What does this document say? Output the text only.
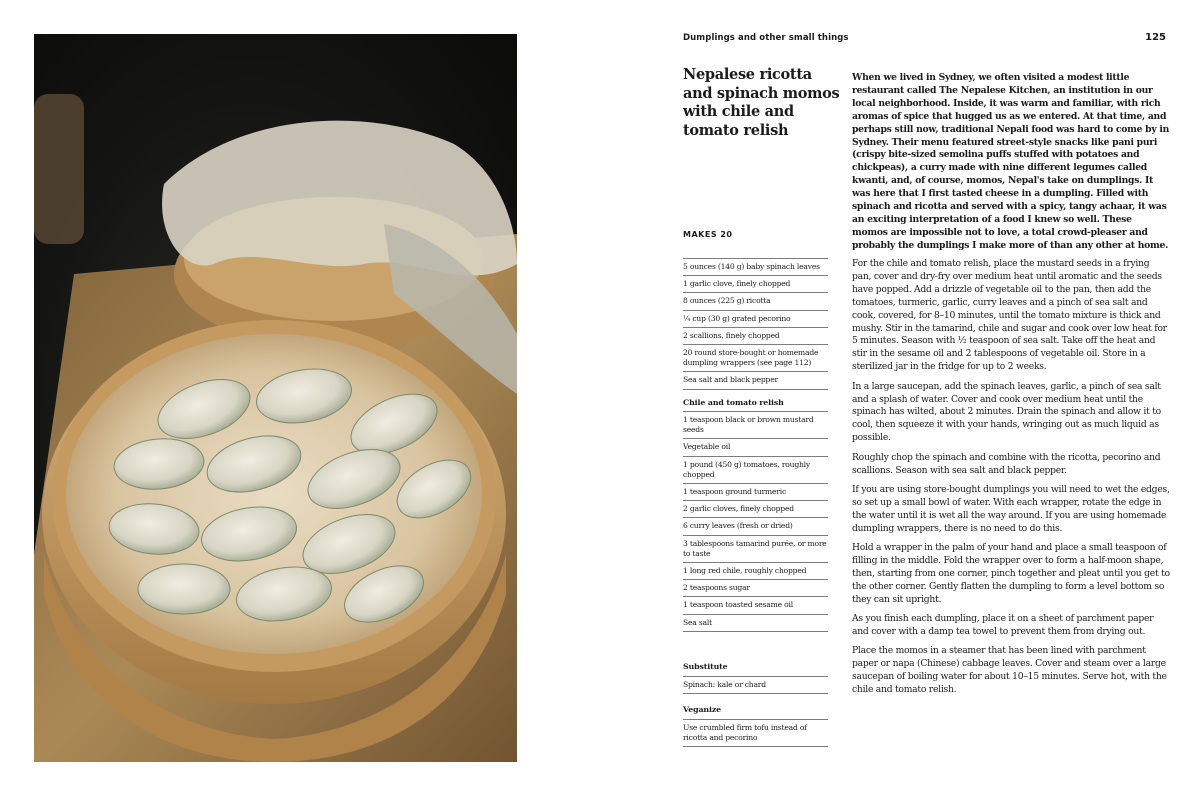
Dumplings and other small things	125
Nepalese ricotta and spinach momos with chile and tomato relish
MAKES 20
5 ounces (140 g) baby spinach leaves
1 garlic clove, finely chopped
8 ounces (225 g) ricotta
¼ cup (30 g) grated pecorino
2 scallions, finely chopped
20 round store-bought or homemade dumpling wrappers (see page 112)
Sea salt and black pepper
Chile and tomato relish
1 teaspoon black or brown mustard seeds
Vegetable oil
1 pound (450 g) tomatoes, roughly chopped
1 teaspoon ground turmeric
2 garlic cloves, finely chopped
6 curry leaves (fresh or dried)
3 tablespoons tamarind purée, or more to taste
1 long red chile, roughly chopped
2 teaspoons sugar
1 teaspoon toasted sesame oil
Sea salt
Substitute
Spinach: kale or chard
Veganize
Use crumbled firm tofu instead of ricotta and pecorino
When we lived in Sydney, we often visited a modest little restaurant called The Nepalese Kitchen, an institution in our local neighborhood. Inside, it was warm and familiar, with rich aromas of spice that hugged us as we entered. At that time, and perhaps still now, traditional Nepali food was hard to come by in Sydney. Their menu featured street-style snacks like pani puri (crispy bite-sized semolina puffs stuffed with potatoes and chickpeas), a curry made with nine different legumes called kwanti, and, of course, momos, Nepal's take on dumplings. It was here that I first tasted cheese in a dumpling. Filled with spinach and ricotta and served with a spicy, tangy achaar, it was an exciting interpretation of a food I knew so well. These momos are impossible not to love, a total crowd-pleaser and probably the dumplings I make more of than any other at home.

For the chile and tomato relish, place the mustard seeds in a frying pan, cover and dry-fry over medium heat until aromatic and the seeds have popped. Add a drizzle of vegetable oil to the pan, then add the tomatoes, turmeric, garlic, curry leaves and a pinch of sea salt and cook, covered, for 8–10 minutes, until the tomato mixture is thick and mushy. Stir in the tamarind, chile and sugar and cook over low heat for 5 minutes. Season with ½ teaspoon of sea salt. Take off the heat and stir in the sesame oil and 2 tablespoons of vegetable oil. Store in a sterilized jar in the fridge for up to 2 weeks.

In a large saucepan, add the spinach leaves, garlic, a pinch of sea salt and a splash of water. Cover and cook over medium heat until the spinach has wilted, about 2 minutes. Drain the spinach and allow it to cool, then squeeze it with your hands, wringing out as much liquid as possible.

Roughly chop the spinach and combine with the ricotta, pecorino and scallions. Season with sea salt and black pepper.

If you are using store-bought dumplings you will need to wet the edges, so set up a small bowl of water. With each wrapper, rotate the edge in the water until it is wet all the way around. If you are using homemade dumpling wrappers, there is no need to do this.

Hold a wrapper in the palm of your hand and place a small teaspoon of filling in the middle. Fold the wrapper over to form a half-moon shape, then, starting from one corner, pinch together and pleat until you get to the other corner. Gently flatten the dumpling to form a level bottom so they can sit upright.

As you finish each dumpling, place it on a sheet of parchment paper and cover with a damp tea towel to prevent them from drying out.

Place the momos in a steamer that has been lined with parchment paper or napa (Chinese) cabbage leaves. Cover and steam over a large saucepan of boiling water for about 10–15 minutes. Serve hot, with the chile and tomato relish.
